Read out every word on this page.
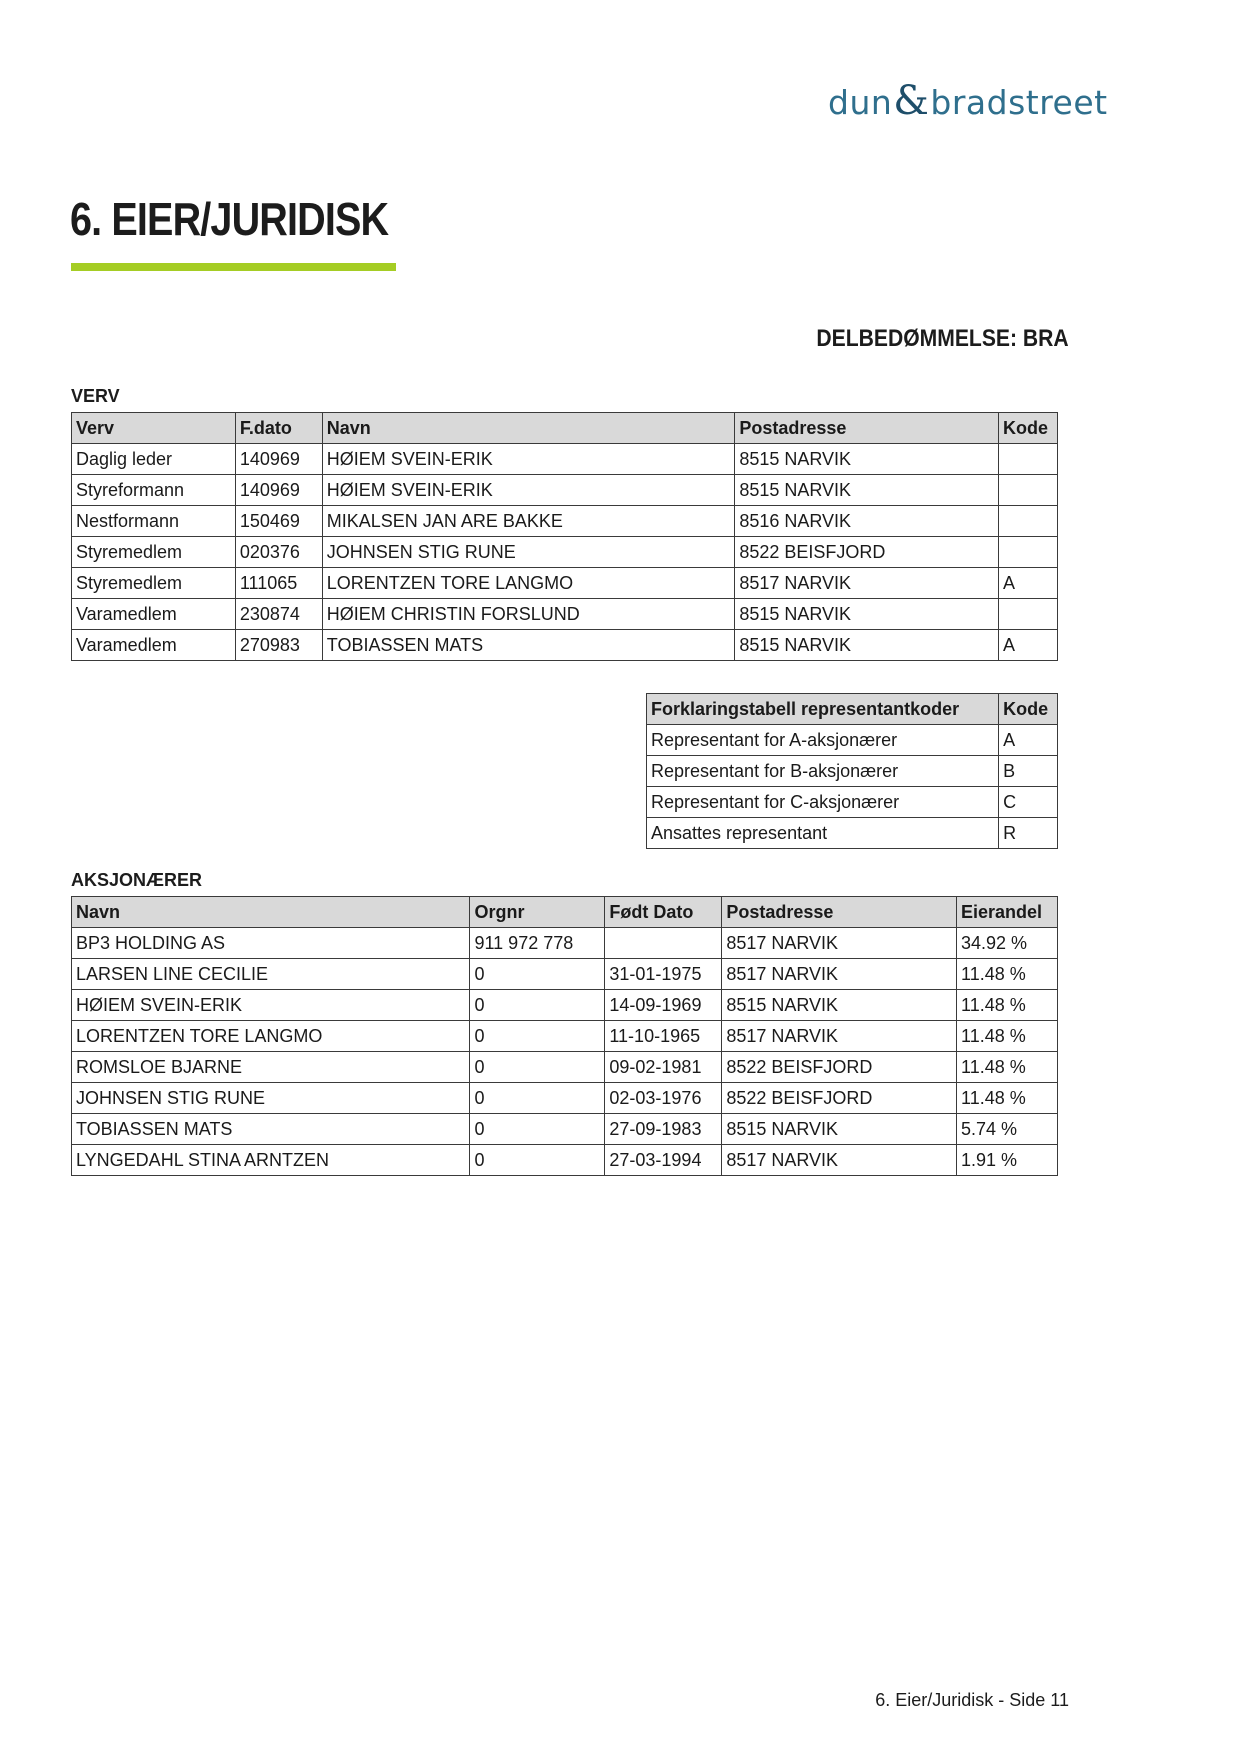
dun & bradstreet
6. EIER/JURIDISK
DELBEDØMMELSE: BRA
VERV
Verv	F.dato	Navn	Postadresse	Kode
Daglig leder	140969	HØIEM SVEIN-ERIK	8515 NARVIK	
Styreformann	140969	HØIEM SVEIN-ERIK	8515 NARVIK	
Nestformann	150469	MIKALSEN JAN ARE BAKKE	8516 NARVIK	
Styremedlem	020376	JOHNSEN STIG RUNE	8522 BEISFJORD	
Styremedlem	111065	LORENTZEN TORE LANGMO	8517 NARVIK	A
Varamedlem	230874	HØIEM CHRISTIN FORSLUND	8515 NARVIK	
Varamedlem	270983	TOBIASSEN MATS	8515 NARVIK	A
Forklaringstabell representantkoder	Kode
Representant for A-aksjonærer	A
Representant for B-aksjonærer	B
Representant for C-aksjonærer	C
Ansattes representant	R
AKSJONÆRER
Navn	Orgnr	Født Dato	Postadresse	Eierandel
BP3 HOLDING AS	911 972 778		8517 NARVIK	34.92 %
LARSEN LINE CECILIE	0	31-01-1975	8517 NARVIK	11.48 %
HØIEM SVEIN-ERIK	0	14-09-1969	8515 NARVIK	11.48 %
LORENTZEN TORE LANGMO	0	11-10-1965	8517 NARVIK	11.48 %
ROMSLOE BJARNE	0	09-02-1981	8522 BEISFJORD	11.48 %
JOHNSEN STIG RUNE	0	02-03-1976	8522 BEISFJORD	11.48 %
TOBIASSEN MATS	0	27-09-1983	8515 NARVIK	5.74 %
LYNGEDAHL STINA ARNTZEN	0	27-03-1994	8517 NARVIK	1.91 %
6. Eier/Juridisk - Side 11
